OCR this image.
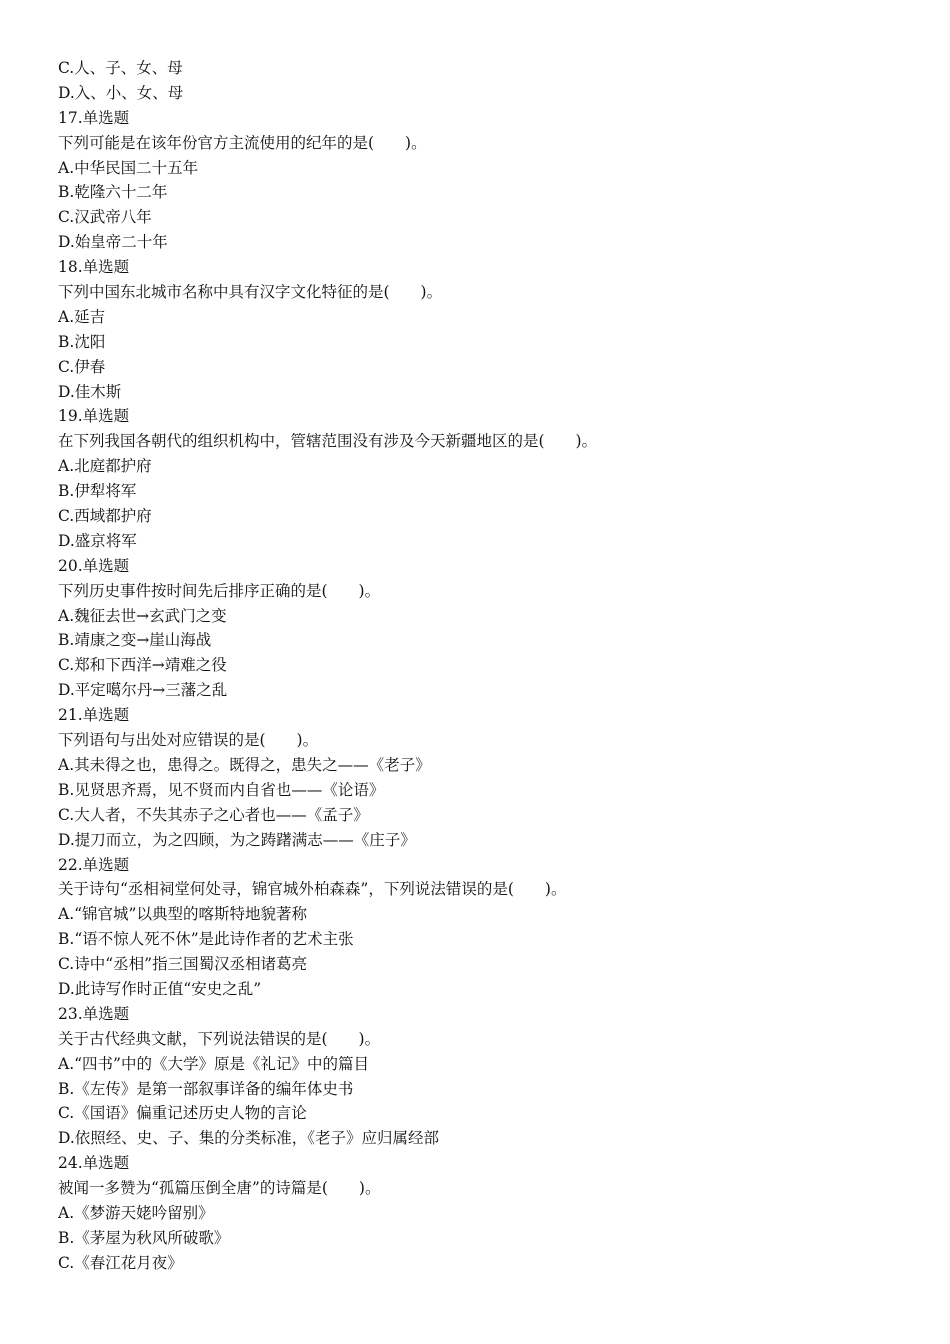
C.人、子、女、母
D.入、小、女、母
17.单选题
下列可能是在该年份官方主流使用的纪年的是(　　)。
A.中华民国二十五年
B.乾隆六十二年
C.汉武帝八年
D.始皇帝二十年
18.单选题
下列中国东北城市名称中具有汉字文化特征的是(　　)。
A.延吉
B.沈阳
C.伊春
D.佳木斯
19.单选题
在下列我国各朝代的组织机构中，管辖范围没有涉及今天新疆地区的是(　　)。
A.北庭都护府
B.伊犁将军
C.西域都护府
D.盛京将军
20.单选题
下列历史事件按时间先后排序正确的是(　　)。
A.魏征去世→玄武门之变
B.靖康之变→崖山海战
C.郑和下西洋→靖难之役
D.平定噶尔丹→三藩之乱
21.单选题
下列语句与出处对应错误的是(　　)。
A.其未得之也，患得之。既得之，患失之——《老子》
B.见贤思齐焉，见不贤而内自省也——《论语》
C.大人者，不失其赤子之心者也——《孟子》
D.提刀而立，为之四顾，为之踌躇满志——《庄子》
22.单选题
关于诗句“丞相祠堂何处寻，锦官城外柏森森”，下列说法错误的是(　　)。
A.“锦官城”以典型的喀斯特地貌著称
B.“语不惊人死不休”是此诗作者的艺术主张
C.诗中“丞相”指三国蜀汉丞相诸葛亮
D.此诗写作时正值“安史之乱”
23.单选题
关于古代经典文献，下列说法错误的是(　　)。
A.“四书”中的《大学》原是《礼记》中的篇目
B.《左传》是第一部叙事详备的编年体史书
C.《国语》偏重记述历史人物的言论
D.依照经、史、子、集的分类标准，《老子》应归属经部
24.单选题
被闻一多赞为“孤篇压倒全唐”的诗篇是(　　)。
A.《梦游天姥吟留别》
B.《茅屋为秋风所破歌》
C.《春江花月夜》
